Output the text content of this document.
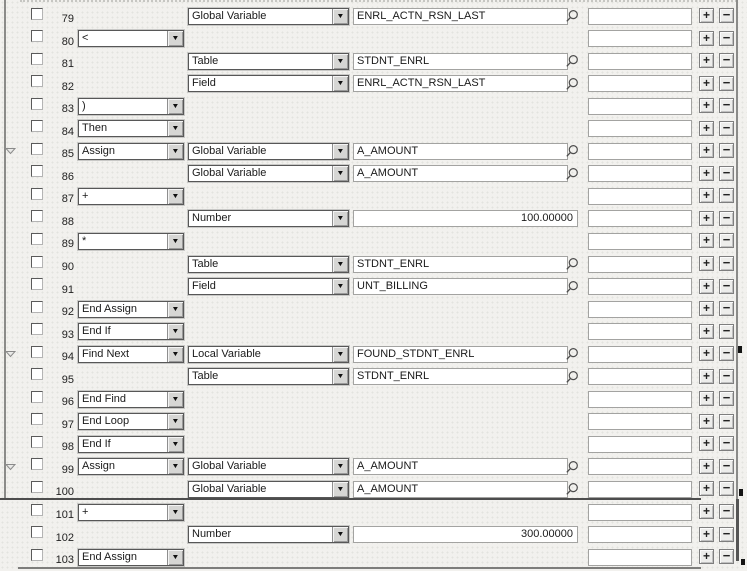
79	Global Variable	▼	ENRL_ACTN_RSN_LAST	+ −
80 <	▼	+ −
81	Table	▼	STDNT_ENRL	+ −
82	Field	▼	ENRL_ACTN_RSN_LAST	+ −
83 )	▼	+ −
84 Then	▼	+ −
85 Assign	▼ Global Variable	▼	A_AMOUNT	+ −
86	Global Variable	▼	A_AMOUNT	+ −
87 +	▼	+ −
88	Number	▼	100.00000	+ −
89 *	▼	+ −
90	Table	▼	STDNT_ENRL	+ −
91	Field	▼	UNT_BILLING	+ −
92 End Assign	▼	+ −
93 End If	▼	+ −
94 Find Next	▼ Local Variable	▼	FOUND_STDNT_ENRL	+ −
95	Table	▼	STDNT_ENRL	+ −
96 End Find	▼	+ −
97 End Loop	▼	+ −
98 End If	▼	+ −
99 Assign	▼ Global Variable	▼	A_AMOUNT	+ −
100	Global Variable	▼	A_AMOUNT	+ −
101 +	▼	+ −
102	Number	▼	300.00000	+ −
103 End Assign	▼	+ −
